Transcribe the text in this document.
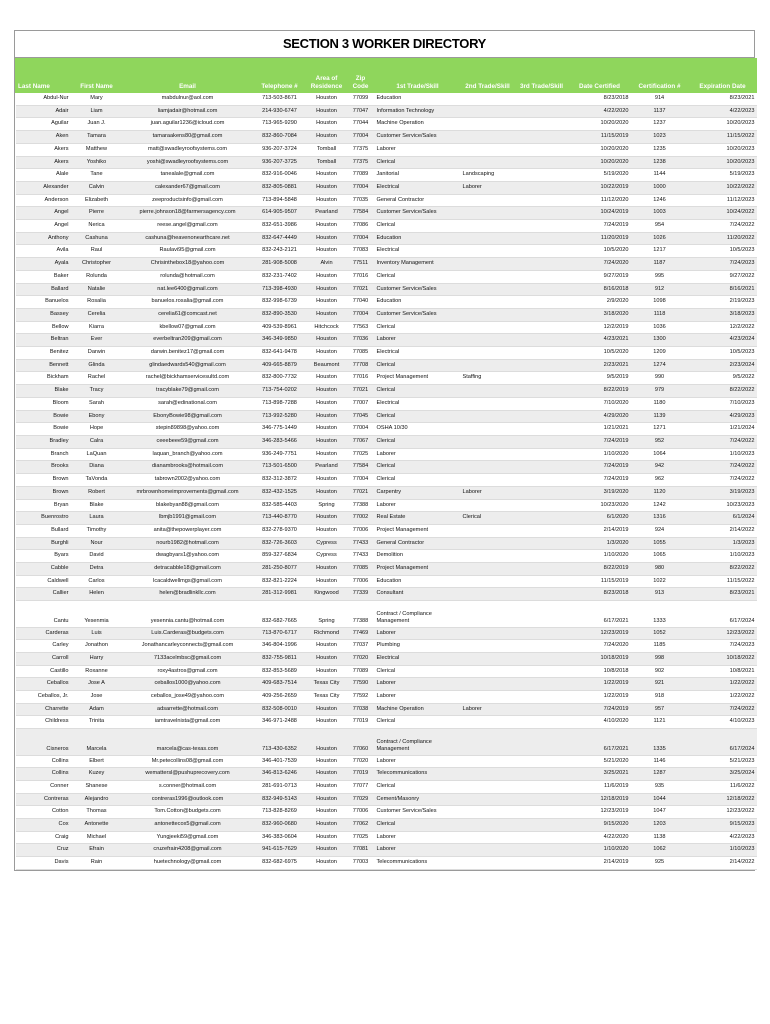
SECTION 3 WORKER DIRECTORY
Last Name	First Name	Email	Telephone #	Area of Residence	Zip Code	1st Trade/Skill	2nd Trade/Skill	3rd Trade/Skill	Date Certified	Certification #	Expiration Date
Abdul-Nur	Mary	mabdulnur@aol.com	713-503-8671	Houston	77099	Education			8/23/2018	914	8/23/2021
Adair	Liam	liamjadair@hotmail.com	214-930-6747	Houston	77047	Information Technology			4/22/2020	1137	4/22/2023
Aguilar	Juan J.	juan.aguilar1236@icloud.com	713-965-9290	Houston	77044	Machine Operation			10/20/2020	1237	10/20/2023
Aken	Tamara	tamaraakens80@gmail.com	832-860-7084	Houston	77004	Customer Service/Sales			11/15/2019	1023	11/15/2022
Akers	Matthew	matt@swadleyroofsystems.com	936-207-3724	Tomball	77375	Laborer			10/20/2020	1235	10/20/2023
Akers	Yoshiko	yoshi@swadleyroofsystems.com	936-207-3725	Tomball	77375	Clerical			10/20/2020	1238	10/20/2023
Alale	Tane	tanealale@gmail.com	832-916-0046	Houston	77089	Janitorial	Landscaping		5/19/2020	1144	5/19/2023
Alexander	Calvin	calexander67@gmail.com	832-805-0881	Houston	77004	Electrical	Laborer		10/22/2019	1000	10/22/2022
Anderson	Elizabeth	zeeproductsinfo@gmail.com	713-894-5848	Houston	77035	General Contractor			11/12/2020	1246	11/12/2023
Angel	Pierre	pierre.johnson18@farmersagency.com	614-905-9507	Pearland	77584	Customer Service/Sales			10/24/2019	1003	10/24/2022
Angel	Nerica	reese.angel@gmail.com	832-651-3986	Houston	77086	Clerical			7/24/2019	954	7/24/2022
Anthony	Cashuna	cashuna@heavenonearthcare.net	832-647-4449	Houston	77004	Education			11/20/2019	1026	11/20/2022
Avila	Raul	Raulavi95@gmail.com	832-243-2121	Houston	77083	Electrical			10/5/2020	1217	10/5/2023
Ayala	Christopher	Chrisinthebox18@yahoo.com	281-908-5008	Alvin	77511	Inventory Management			7/24/2020	1187	7/24/2023
Baker	Rolunda	rolunda@hotmail.com	832-231-7402	Houston	77016	Clerical			9/27/2019	995	9/27/2022
Ballard	Natalie	nat.lee6400@gmail.com	713-398-4930	Houston	77021	Customer Service/Sales			8/16/2018	912	8/16/2021
Banuelos	Rosalia	banuelos.rosalia@gmail.com	832-998-6739	Houston	77040	Education			2/9/2020	1098	2/19/2023
Bassey	Cerelia	cerelia61@comcast.net	832-890-3530	Houston	77004	Customer Service/Sales			3/18/2020	1118	3/18/2023
Bellow	Kiarra	kbellow07@gmail.com	409-539-8961	Hitchcock	77563	Clerical			12/2/2019	1036	12/2/2022
Beltran	Ever	everbeltran209@gmail.com	346-349-9850	Houston	77036	Laborer			4/23/2021	1300	4/23/2024
Benitez	Darwin	darwin.benitez17@gmail.com	832-641-9478	Houston	77085	Electrical			10/5/2020	1209	10/5/2023
Bennett	Glinda	glindaedwards540@gmail.com	409-665-8879	Beaumont	77708	Clerical			2/23/2021	1274	2/23/2024
Bickham	Rachel	rachel@bickhamservicesultd.com	832-800-7732	Houston	77016	Project Management	Staffing		9/5/2019	990	9/5/2022
Blake	Tracy	tracyblake79@gmail.com	713-754-0202	Houston	77021	Clerical			8/22/2019	979	8/22/2022
Bloom	Sarah	sarah@edinational.com	713-898-7288	Houston	77007	Electrical			7/10/2020	1180	7/10/2023
Bowie	Ebony	EbonyBowie98@gmail.com	713-992-5280	Houston	77045	Clerical			4/29/2020	1139	4/29/2023
Bowie	Hope	stepin89898@yahoo.com	346-775-1449	Houston	77004	OSHA 10/30			1/21/2021	1271	1/21/2024
Bradley	Calra	ceeebeee59@gmail.com	346-283-5466	Houston	77067	Clerical			7/24/2019	952	7/24/2022
Branch	LaQuan	laquan_branch@yahoo.com	936-249-7751	Houston	77025	Laborer			1/10/2020	1064	1/10/2023
Brooks	Diana	dianambrooks@hotmail.com	713-501-6500	Pearland	77584	Clerical			7/24/2019	942	7/24/2022
Brown	TaVonda	tabrown2002@yahoo.com	832-312-3872	Houston	77004	Clerical			7/24/2019	962	7/24/2022
Brown	Robert	mrbrownhomeimprovements@gmail.com	832-432-1525	Houston	77021	Carpentry	Laborer		3/19/2020	1120	3/19/2023
Bryan	Blake	blakebyan88@gmail.com	832-585-4403	Spring	77388	Laborer			10/23/2020	1242	10/23/2023
Buenrostro	Laura	lbmjb1991@gmail.com	713-440-8770	Houston	77002	Real Estate	Clerical		6/1/2020	1316	6/1/2024
Bullard	Timothy	anita@thepowerplayer.com	832-278-9370	Houston	77006	Project Management			2/14/2019	924	2/14/2022
Burghli	Nour	nourb1982@hotmail.com	832-726-3603	Cypress	77433	General Contractor			1/3/2020	1055	1/3/2023
Byars	David	dwagbyars1@yahoo.com	859-327-6834	Cypress	77433	Demolition			1/10/2020	1065	1/10/2023
Cabble	Detra	detracabble18@gmail.com	281-250-8077	Houston	77085	Project Management			8/22/2019	980	8/22/2022
Caldwell	Carlos	lcacaldwellmgs@gmail.com	832-821-2224	Houston	77006	Education			11/15/2019	1022	11/15/2022
Callier	Helen	helen@bradlinkllc.com	281-312-9981	Kingwood	77339	Consultant			8/23/2018	913	8/23/2021
Cantu	Yesenmia	yesennia.cantu@hotmail.com	832-682-7665	Spring	77388	Contract / Compliance Management			6/17/2021	1333	6/17/2024
Carderas	Luis	Luis.Carderas@budgets.com	713-870-6717	Richmond	77469	Laborer			12/23/2019	1052	12/23/2022
Carley	Jonathon	Jonathancarleyconnects@gmail.com	346-804-1996	Houston	77037	Plumbing			7/24/2020	1185	7/24/2023
Carroll	Harry	7133acelmbsc@gmail.com	832-755-9811	Houston	77020	Electrical			10/18/2019	998	10/18/2022
Castillo	Roxanne	roxy4astros@gmail.com	832-853-5689	Houston	77089	Clerical			10/8/2018	902	10/8/2021
Ceballos	Jose A	ceballos1000@yahoo.com	409-683-7514	Texas City	77590	Laborer			1/22/2019	921	1/22/2022
Ceballos, Jr.	Jose	ceballos_jose49@yahoo.com	409-256-2659	Texas City	77592	Laborer			1/22/2019	918	1/22/2022
Charrette	Adam	adsarrette@hotmail.com	832-508-0010	Houston	77038	Machine Operation	Laborer		7/24/2019	957	7/24/2022
Childress	Trinita	iamtravelnista@gmail.com	346-971-2488	Houston	77019	Clerical			4/10/2020	1121	4/10/2023
Cisneros	Marcela	marcela@cas-texas.com	713-430-6352	Houston	77060	Contract / Compliance Management			6/17/2021	1335	6/17/2024
Collins	Elbert	Mr.petecollins08@gmail.com	346-401-7539	Houston	77020	Laborer			5/21/2020	1146	5/21/2023
Collins	Kuzey	wemattersl@pushuprecovery.com	346-813-6246	Houston	77019	Telecommunications			3/25/2021	1287	3/25/2024
Conner	Shanese	s.conner@hotmail.com	281-691-0713	Houston	77077	Clerical			11/6/2019	935	11/6/2022
Contreras	Alejandro	contreras1996@outlook.com	832-949-5143	Houston	77029	Cement/Masonry			12/18/2019	1044	12/18/2022
Cotton	Thomas	Tom.Cotton@budgets.com	713-828-8269	Houston	77006	Customer Service/Sales			12/23/2019	1047	12/23/2022
Cox	Antonette	antonettecox5@gmail.com	832-960-0680	Houston	77062	Clerical			9/15/2020	1203	9/15/2023
Craig	Michael	Yungjeeki59@gmail.com	346-383-0604	Houston	77025	Laborer			4/22/2020	1138	4/22/2023
Cruz	Efrain	cruzefrain4208@gmail.com	941-615-7629	Houston	77081	Laborer			1/10/2020	1062	1/10/2023
Davis	Rain	huetechnology@gmail.com	832-682-6975	Houston	77003	Telecommunications			2/14/2019	925	2/14/2022
